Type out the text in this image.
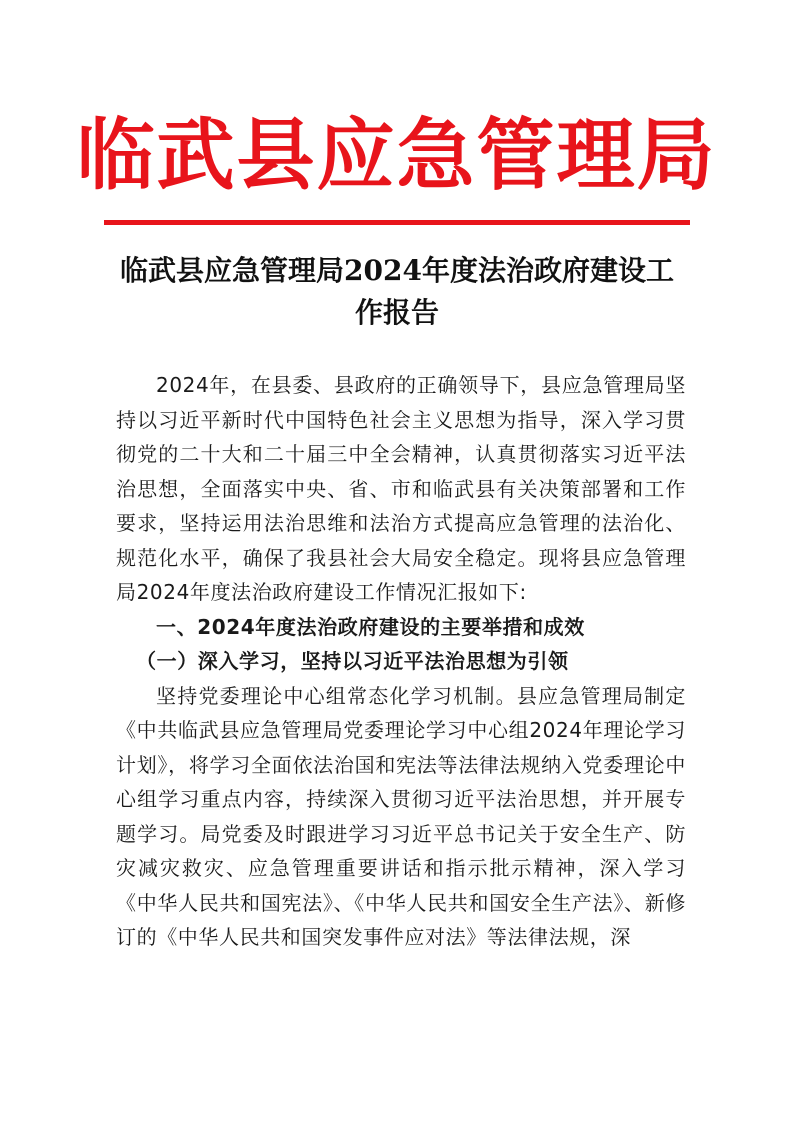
临武县应急管理局
临武县应急管理局2024年度法治政府建设工
作报告

2024年，在县委、县政府的正确领导下，县应急管理局坚持以习近平新时代中国特色社会主义思想为指导，深入学习贯彻党的二十大和二十届三中全会精神，认真贯彻落实习近平法治思想，全面落实中央、省、市和临武县有关决策部署和工作要求，坚持运用法治思维和法治方式提高应急管理的法治化、规范化水平，确保了我县社会大局安全稳定。现将县应急管理局2024年度法治政府建设工作情况汇报如下:

一、2024年度法治政府建设的主要举措和成效

（一）深入学习，坚持以习近平法治思想为引领

坚持党委理论中心组常态化学习机制。县应急管理局制定《中共临武县应急管理局党委理论学习中心组2024年理论学习计划》，将学习全面依法治国和宪法等法律法规纳入党委理论中心组学习重点内容，持续深入贯彻习近平法治思想，并开展专题学习。局党委及时跟进学习习近平总书记关于安全生产、防灾减灾救灾、应急管理重要讲话和指示批示精神，深入学习《中华人民共和国宪法》、《中华人民共和国安全生产法》、新修订的《中华人民共和国突发事件应对法》等法律法规，深
